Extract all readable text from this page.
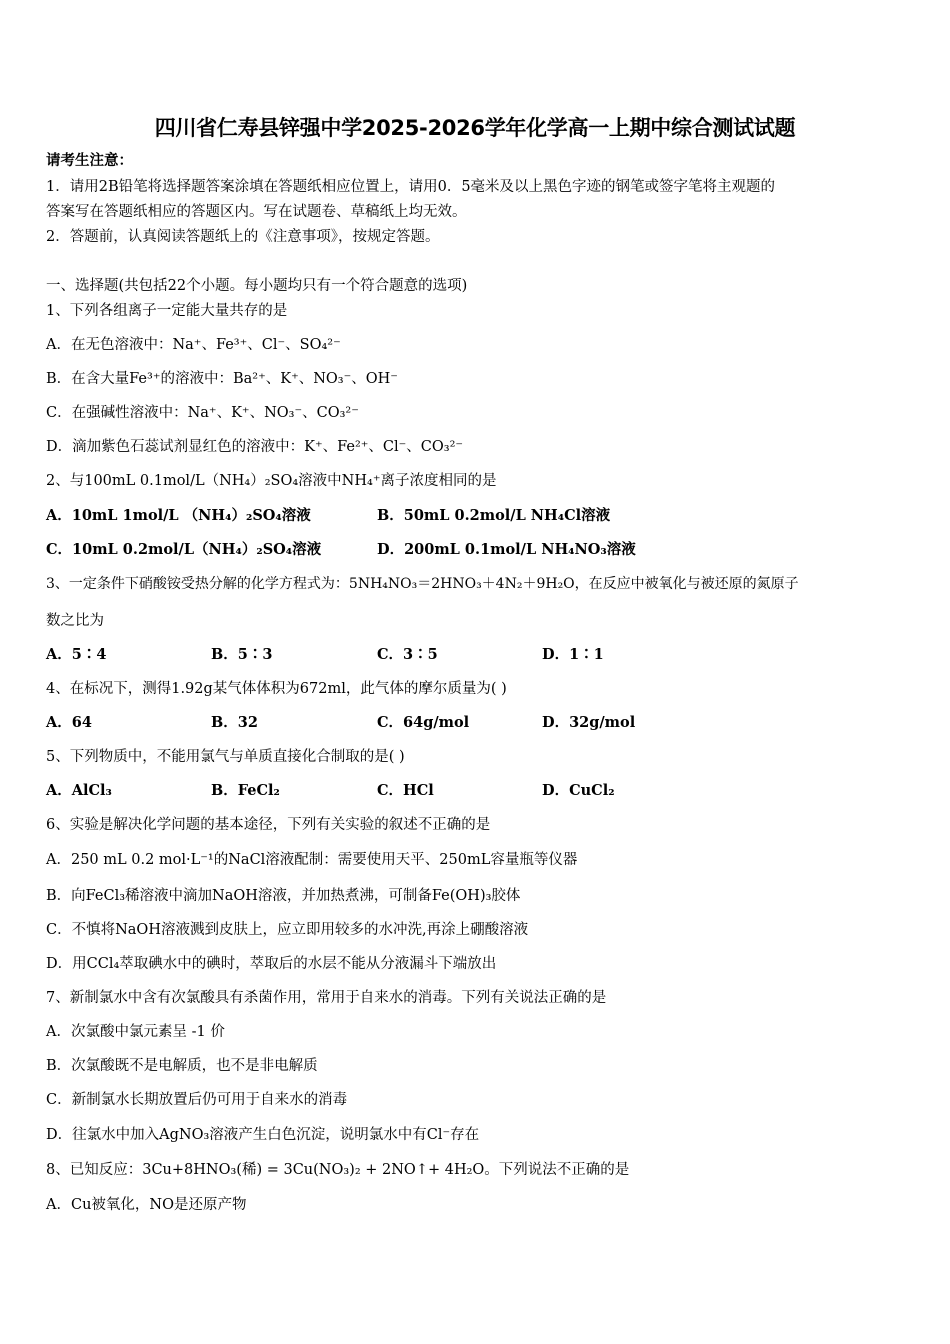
四川省仁寿县锌强中学2025-2026学年化学高一上期中综合测试试题
请考生注意：
1．请用2B铅笔将选择题答案涂填在答题纸相应位置上，请用0．5毫米及以上黑色字迹的钢笔或签字笔将主观题的
答案写在答题纸相应的答题区内。写在试题卷、草稿纸上均无效。
2．答题前，认真阅读答题纸上的《注意事项》，按规定答题。
一、选择题(共包括22个小题。每小题均只有一个符合题意的选项)
1、下列各组离子一定能大量共存的是
A．在无色溶液中：Na⁺、Fe³⁺、Cl⁻、SO₄²⁻
B．在含大量Fe³⁺的溶液中：Ba²⁺、K⁺、NO₃⁻、OH⁻
C．在强碱性溶液中：Na⁺、K⁺、NO₃⁻、CO₃²⁻
D．滴加紫色石蕊试剂显红色的溶液中：K⁺、Fe²⁺、Cl⁻、CO₃²⁻
2、与100mL 0.1mol/L（NH₄）₂SO₄溶液中NH₄⁺离子浓度相同的是
A．10mL 1mol/L （NH₄）₂SO₄溶液	B．50mL 0.2mol/L NH₄Cl溶液
C．10mL 0.2mol/L（NH₄）₂SO₄溶液	D．200mL 0.1mol/L NH₄NO₃溶液
3、一定条件下硝酸铵受热分解的化学方程式为：5NH₄NO₃＝2HNO₃＋4N₂＋9H₂O，在反应中被氧化与被还原的氮原子
数之比为
A．5∶4	B．5∶3	C．3∶5	D．1∶1
4、在标况下，测得1.92g某气体体积为672ml，此气体的摩尔质量为( )
A．64	B．32	C．64g/mol	D．32g/mol
5、下列物质中，不能用氯气与单质直接化合制取的是( )
A．AlCl₃	B．FeCl₂	C．HCl	D．CuCl₂
6、实验是解决化学问题的基本途径，下列有关实验的叙述不正确的是
A．250 mL 0.2 mol·L⁻¹的NaCl溶液配制：需要使用天平、250mL容量瓶等仪器
B．向FeCl₃稀溶液中滴加NaOH溶液，并加热煮沸，可制备Fe(OH)₃胶体
C．不慎将NaOH溶液溅到皮肤上，应立即用较多的水冲洗,再涂上硼酸溶液
D．用CCl₄萃取碘水中的碘时，萃取后的水层不能从分液漏斗下端放出
7、新制氯水中含有次氯酸具有杀菌作用，常用于自来水的消毒。下列有关说法正确的是
A．次氯酸中氯元素呈 -1 价
B．次氯酸既不是电解质，也不是非电解质
C．新制氯水长期放置后仍可用于自来水的消毒
D．往氯水中加入AgNO₃溶液产生白色沉淀，说明氯水中有Cl⁻存在
8、已知反应：3Cu+8HNO₃(稀) = 3Cu(NO₃)₂ + 2NO↑+ 4H₂O。下列说法不正确的是
A．Cu被氧化，NO是还原产物
